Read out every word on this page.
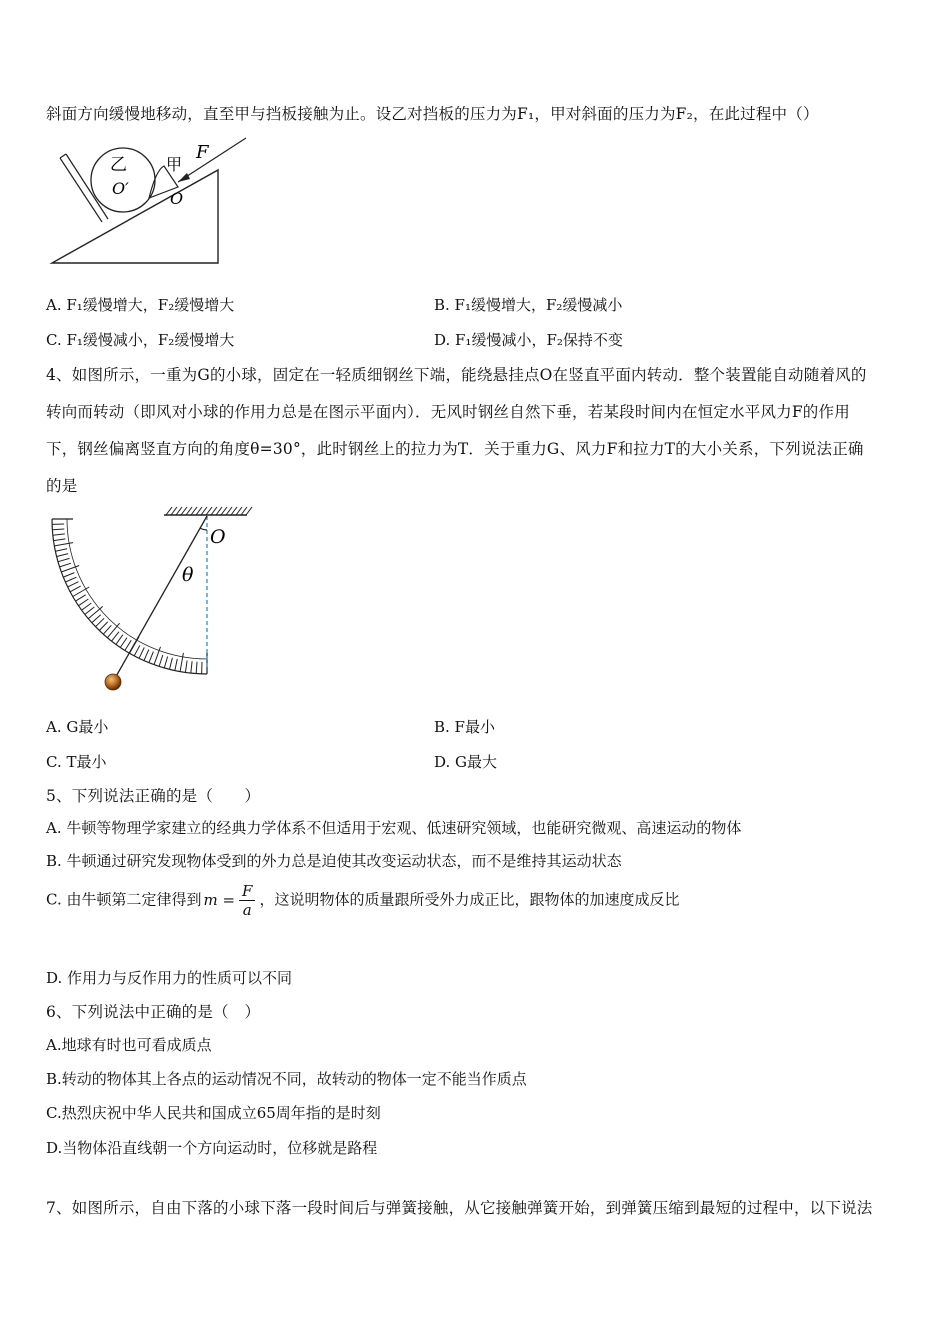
斜面方向缓慢地移动，直至甲与挡板接触为止。设乙对挡板的压力为F₁，甲对斜面的压力为F₂，在此过程中（）
乙
O′
甲
F
O
A. F₁缓慢增大，F₂缓慢增大	B. F₁缓慢增大，F₂缓慢减小
C. F₁缓慢减小，F₂缓慢增大	D. F₁缓慢减小，F₂保持不变
4、如图所示，一重为G的小球，固定在一轻质细钢丝下端，能绕悬挂点O在竖直平面内转动．整个装置能自动随着风的
转向而转动（即风对小球的作用力总是在图示平面内）．无风时钢丝自然下垂，若某段时间内在恒定水平风力F的作用
下，钢丝偏离竖直方向的角度θ=30°，此时钢丝上的拉力为T．关于重力G、风力F和拉力T的大小关系，下列说法正确
的是
O
θ
A. G最小	B. F最小
C. T最小	D. G最大
5、下列说法正确的是（　　）
A. 牛顿等物理学家建立的经典力学体系不但适用于宏观、低速研究领域，也能研究微观、高速运动的物体
B. 牛顿通过研究发现物体受到的外力总是迫使其改变运动状态，而不是维持其运动状态
C. 由牛顿第二定律得到 $m = \frac{F}{a}$ ，这说明物体的质量跟所受外力成正比，跟物体的加速度成反比
D. 作用力与反作用力的性质可以不同
6、下列说法中正确的是（　）
A.地球有时也可看成质点
B.转动的物体其上各点的运动情况不同，故转动的物体一定不能当作质点
C.热烈庆祝中华人民共和国成立65周年指的是时刻
D.当物体沿直线朝一个方向运动时，位移就是路程
7、如图所示，自由下落的小球下落一段时间后与弹簧接触，从它接触弹簧开始，到弹簧压缩到最短的过程中，以下说法
